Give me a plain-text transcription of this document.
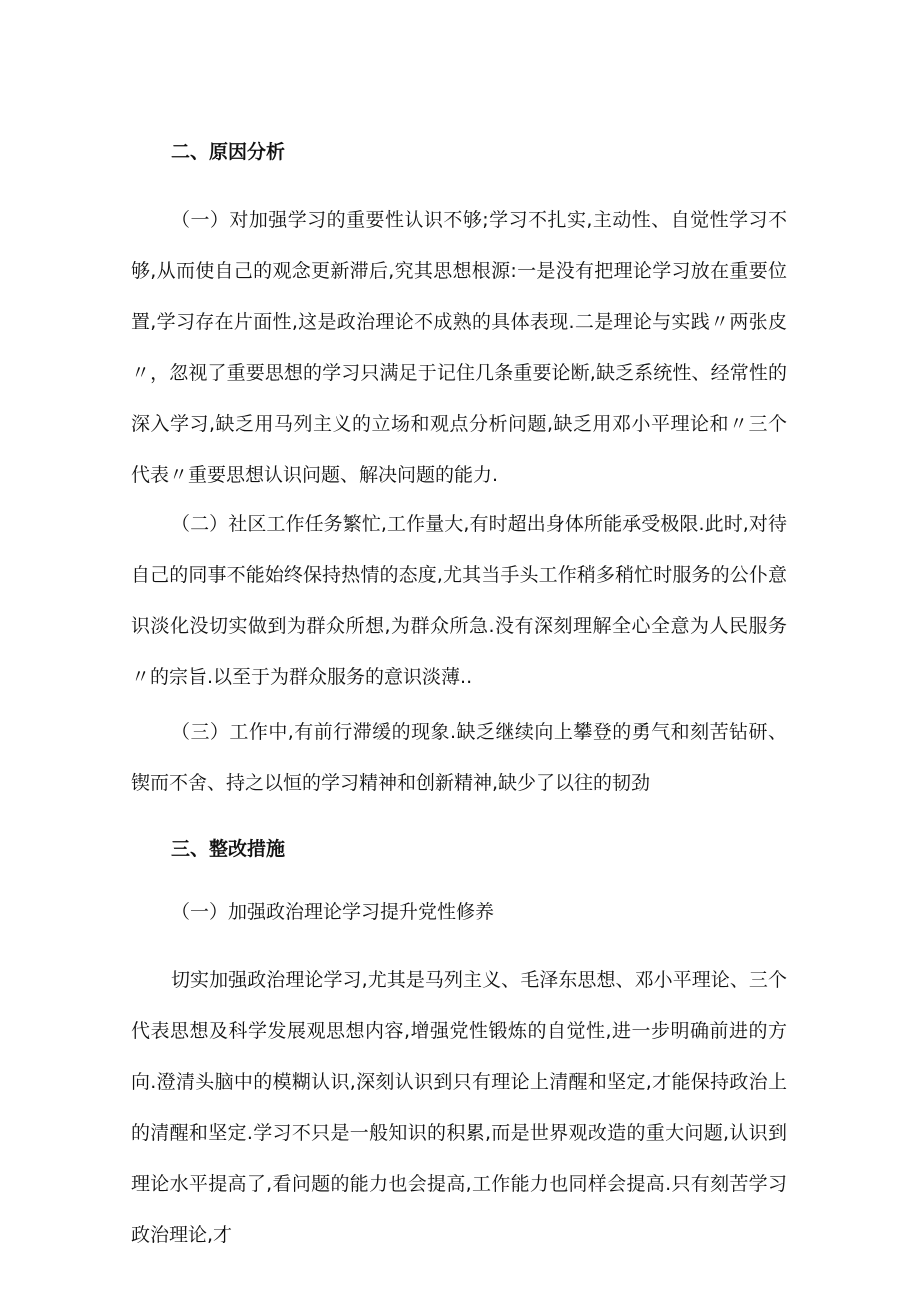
二、原因分析

（一）对加强学习的重要性认识不够;学习不扎实,主动性、自觉性学习不够,从而使自己的观念更新滞后,究其思想根源:一是没有把理论学习放在重要位置,学习存在片面性,这是政治理论不成熟的具体表现.二是理论与实践〃两张皮〃，忽视了重要思想的学习只满足于记住几条重要论断,缺乏系统性、经常性的深入学习,缺乏用马列主义的立场和观点分析问题,缺乏用邓小平理论和〃三个代表〃重要思想认识问题、解决问题的能力.

（二）社区工作任务繁忙,工作量大,有时超出身体所能承受极限.此时,对待自己的同事不能始终保持热情的态度,尤其当手头工作稍多稍忙时服务的公仆意识淡化没切实做到为群众所想,为群众所急.没有深刻理解全心全意为人民服务〃的宗旨.以至于为群众服务的意识淡薄..

（三）工作中,有前行滞缓的现象.缺乏继续向上攀登的勇气和刻苦钻研、锲而不舍、持之以恒的学习精神和创新精神,缺少了以往的韧劲

三、整改措施

（一）加强政治理论学习提升党性修养

切实加强政治理论学习,尤其是马列主义、毛泽东思想、邓小平理论、三个代表思想及科学发展观思想内容,增强党性锻炼的自觉性,进一步明确前进的方向.澄清头脑中的模糊认识,深刻认识到只有理论上清醒和坚定,才能保持政治上的清醒和坚定.学习不只是一般知识的积累,而是世界观改造的重大问题,认识到理论水平提高了,看问题的能力也会提高,工作能力也同样会提高.只有刻苦学习政治理论,才
